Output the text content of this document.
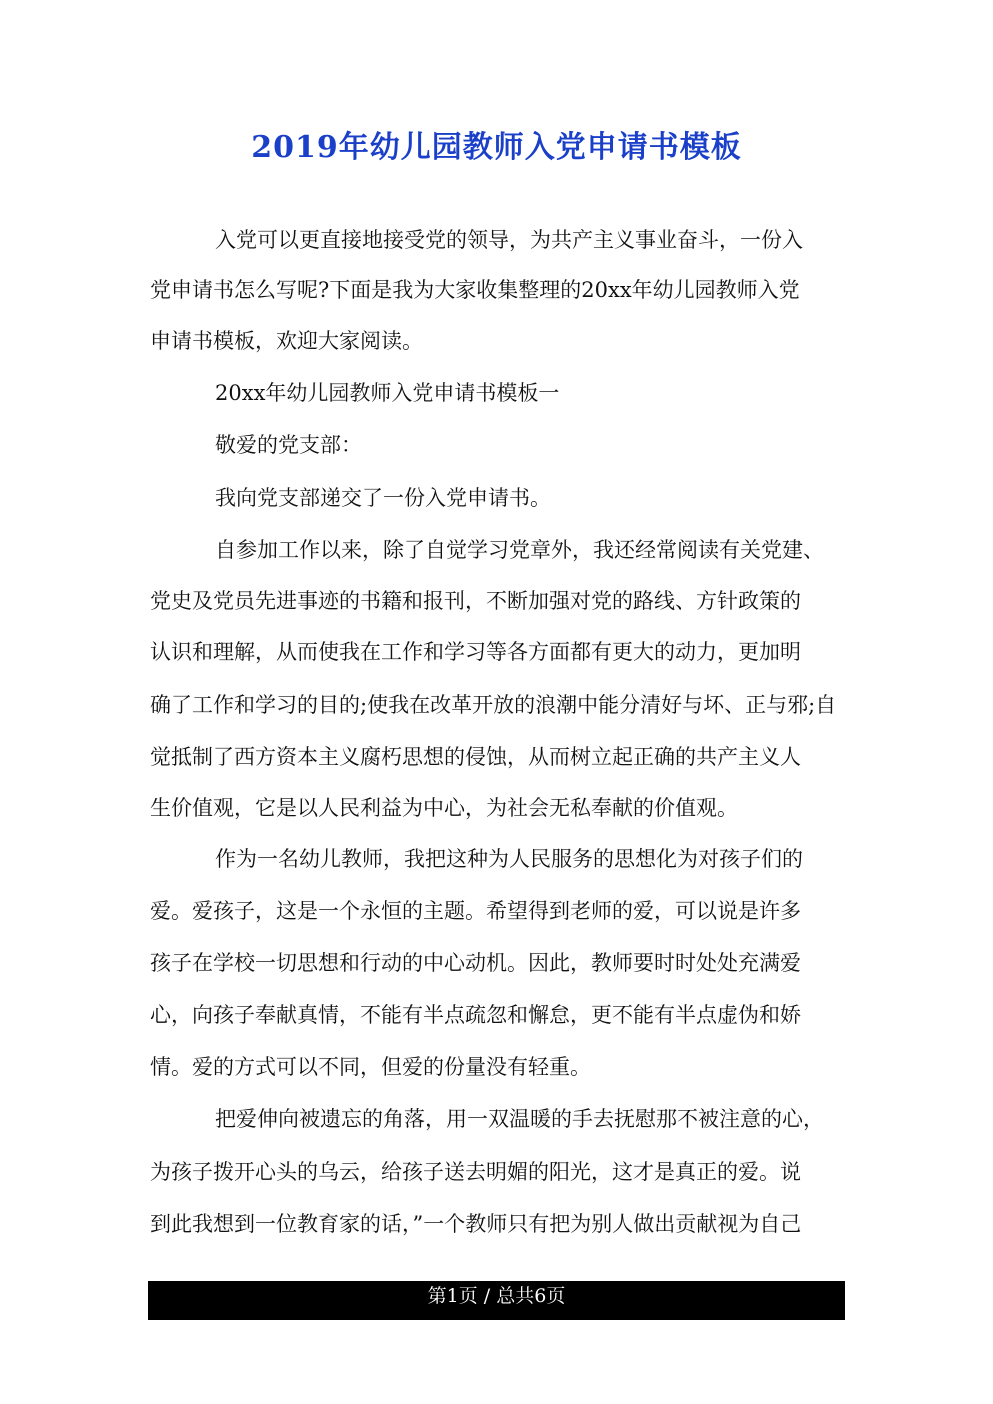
2019年幼儿园教师入党申请书模板
入党可以更直接地接受党的领导，为共产主义事业奋斗，一份入
党申请书怎么写呢?下面是我为大家收集整理的20xx年幼儿园教师入党
申请书模板，欢迎大家阅读。
20xx年幼儿园教师入党申请书模板一
敬爱的党支部：
我向党支部递交了一份入党申请书。
自参加工作以来，除了自觉学习党章外，我还经常阅读有关党建、
党史及党员先进事迹的书籍和报刊，不断加强对党的路线、方针政策的
认识和理解，从而使我在工作和学习等各方面都有更大的动力，更加明
确了工作和学习的目的;使我在改革开放的浪潮中能分清好与坏、正与邪;自
觉抵制了西方资本主义腐朽思想的侵蚀，从而树立起正确的共产主义人
生价值观，它是以人民利益为中心，为社会无私奉献的价值观。
作为一名幼儿教师，我把这种为人民服务的思想化为对孩子们的
爱。爱孩子，这是一个永恒的主题。希望得到老师的爱，可以说是许多
孩子在学校一切思想和行动的中心动机。因此，教师要时时处处充满爱
心，向孩子奉献真情，不能有半点疏忽和懈怠，更不能有半点虚伪和娇
情。爱的方式可以不同，但爱的份量没有轻重。
把爱伸向被遗忘的角落，用一双温暖的手去抚慰那不被注意的心，
为孩子拨开心头的乌云，给孩子送去明媚的阳光，这才是真正的爱。说
到此我想到一位教育家的话，”一个教师只有把为别人做出贡献视为自己
第1页 / 总共6页
